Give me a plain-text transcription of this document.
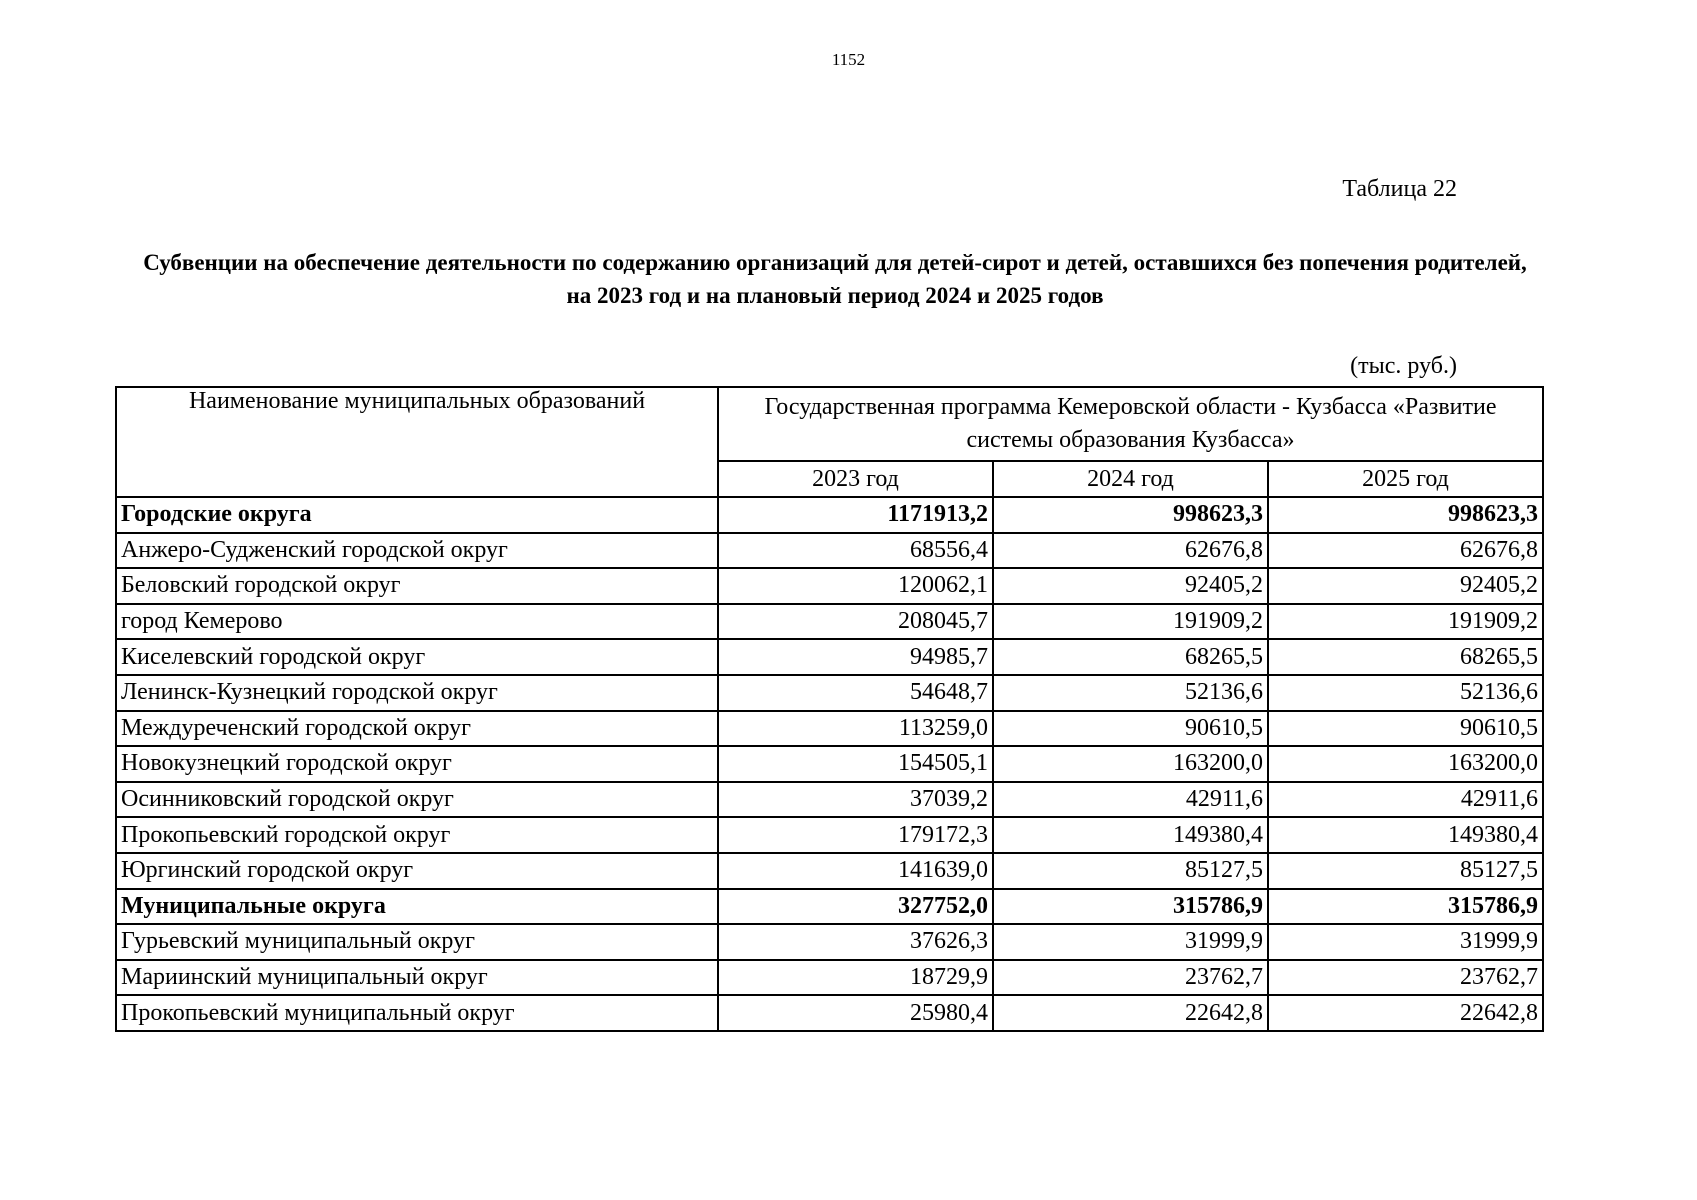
1152
Таблица 22
Субвенции на обеспечение деятельности по содержанию организаций для детей-сирот и детей, оставшихся без попечения родителей, на 2023 год и на плановый период 2024 и 2025 годов
(тыс. руб.)
Наименование муниципальных образований	Государственная программа Кемеровской области - Кузбасса «Развитие системы образования Кузбасса»		
	2023 год	2024 год	2025 год
Городские округа	1171913,2	998623,3	998623,3
Анжеро-Судженский городской округ	68556,4	62676,8	62676,8
Беловский городской округ	120062,1	92405,2	92405,2
город Кемерово	208045,7	191909,2	191909,2
Киселевский городской округ	94985,7	68265,5	68265,5
Ленинск-Кузнецкий городской округ	54648,7	52136,6	52136,6
Междуреченский городской округ	113259,0	90610,5	90610,5
Новокузнецкий городской округ	154505,1	163200,0	163200,0
Осинниковский городской округ	37039,2	42911,6	42911,6
Прокопьевский городской округ	179172,3	149380,4	149380,4
Юргинский городской округ	141639,0	85127,5	85127,5
Муниципальные округа	327752,0	315786,9	315786,9
Гурьевский муниципальный округ	37626,3	31999,9	31999,9
Мариинский муниципальный округ	18729,9	23762,7	23762,7
Прокопьевский муниципальный округ	25980,4	22642,8	22642,8
